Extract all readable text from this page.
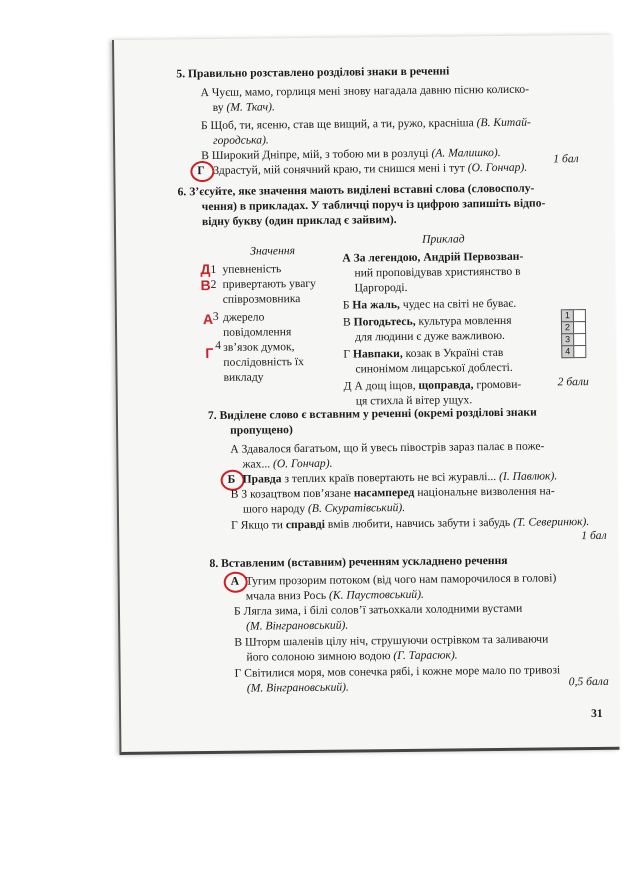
5. Правильно розставлено розділові знаки в реченні
А Чуєш, мамо, горлиця мені знову нагадала давню пісню колиско-
ву (М. Ткач).
Б Щоб, ти, ясеню, став ще вищий, а ти, ружо, красніша (В. Китай-
городська).
В Широкий Дніпре, мій, з тобою ми в розлуці (А. Малишко).
Г Здрастуй, мій сонячний краю, ти снишся мені і тут (О. Гончар).
1 бал
6. З’єсуйте, яке значення мають виділені вставні слова (словосполу-
чення) в прикладах. У табличці поруч із цифрою запишіть відпо-
відну букву (один приклад є зайвим).
Значення
Приклад
Д 1 упевненість
В 2 привертають увагу
співрозмовника
А 3 джерело
повідомлення
Г 4 зв’язок думок,
послідовність їх
викладу
А За легендою, Андрій Первозван-
ний проповідував християнство в
Царгороді.
Б На жаль, чудес на світі не буває.
В Погодьтесь, культура мовлення
для людини є дуже важливою.
Г Навпаки, козак в Україні став
синонімом лицарської доблесті.
Д А дощ іщов, щоправда, громови-
ця стихла й вітер ущух.
1
2
3
4
2 бали
7. Виділене слово є вставним у реченні (окремі розділові знаки
пропущено)
А Здавалося багатьом, що й увесь півострів зараз палає в поже-
жах... (О. Гончар).
Б Правда з теплих країв повертають не всі журавлі... (І. Павлюк).
В З козацтвом пов’язане насамперед національне визволення на-
шого народу (В. Скуратівський).
Г Якщо ти справді вмів любити, навчись забути і забудь (Т. Северинюк).
1 бал
8. Вставленим (вставним) реченням ускладнено речення
А Тугим прозорим потоком (від чого нам паморочилося в голові)
мчала вниз Рось (К. Паустовський).
Б Лягла зима, і білі солов’ї затьохкали холодними вустами
(М. Вінграновський).
В Шторм шаленів цілу ніч, струшуючи острівком та заливаючи
його солоною зимною водою (Г. Тарасюк).
Г Світилися моря, мов сонечка рябі, і кожне море мало по тривозі
(М. Вінграновський).	0,5 бала
31
